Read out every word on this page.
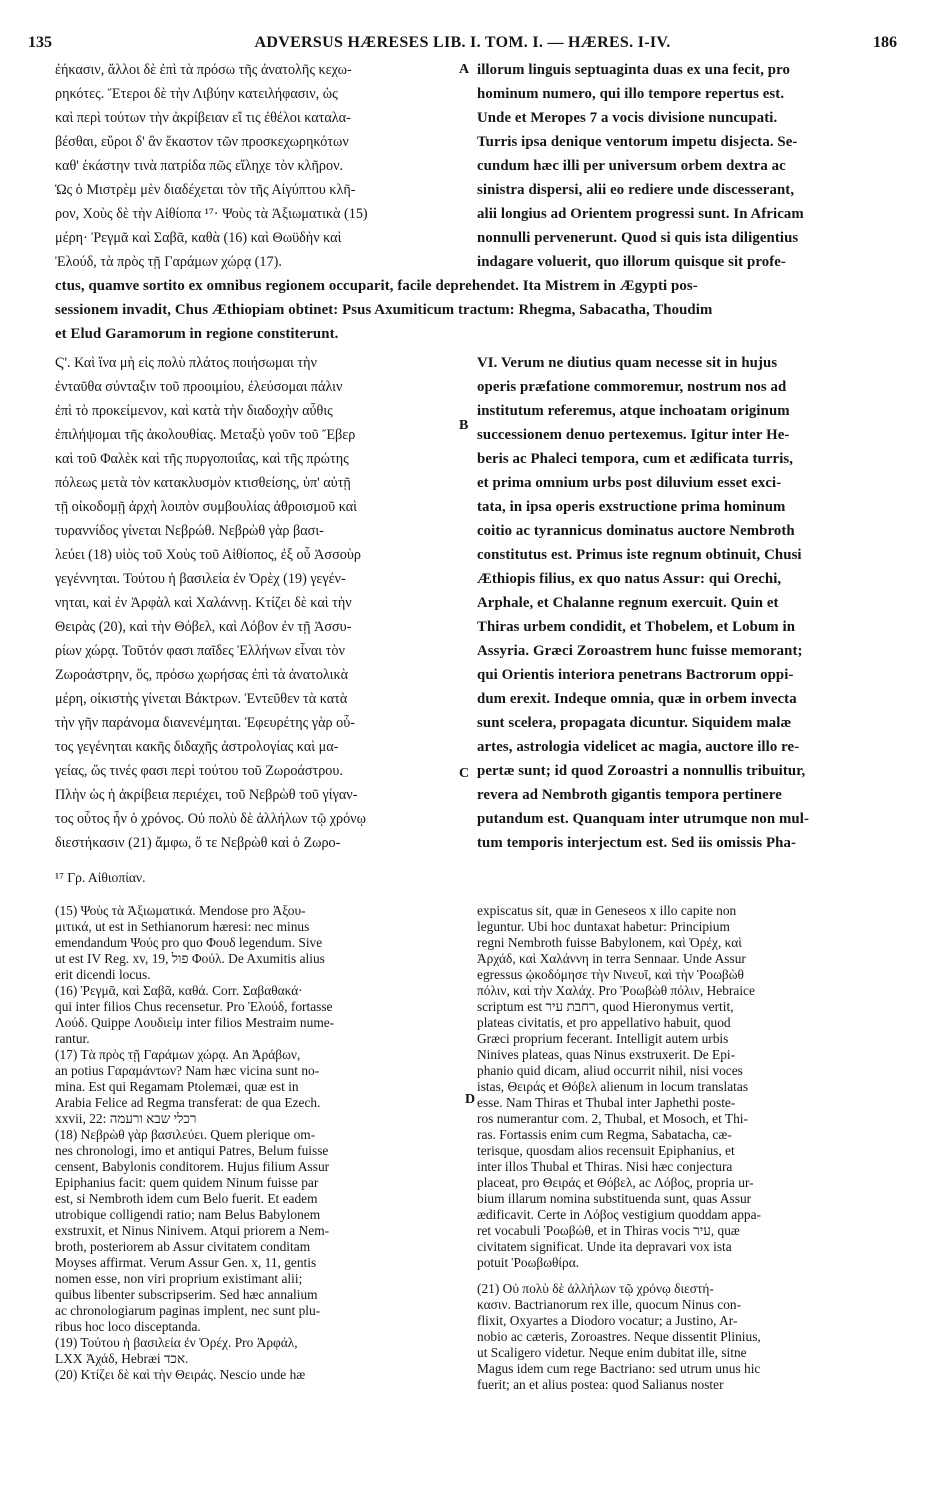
135	ADVERSUS HÆRESES LIB. I. TOM. I. — HÆRES. I-IV.	186
ἐήκασιν, ἄλλοι δὲ ἐπὶ τὰ πρόσω τῆς ἀνατολῆς κεχω-
ρηκότες. Ἕτεροι δὲ τὴν Λιβύην κατειλήφασιν, ὡς
καὶ περὶ τούτων τὴν ἀκρίβειαν εἴ τις ἐθέλοι καταλα-
βέσθαι, εὕροι δ' ἂν ἕκαστον τῶν προσκεχωρηκότων
καθ' ἑκάστην τινὰ πατρίδα πῶς εἴληχε τὸν κλῆρον.
Ὡς ὁ Μιστρὲμ μὲν διαδέχεται τὸν τῆς Αἰγύπτου κλῆ-
ρον, Χοὺς δὲ τὴν Αἰθίοπα ¹⁷· Ψοὺς τὰ Ἀξιωματικὰ (15)
μέρη· Ῥεγμᾶ καὶ Σαβᾶ, καθὰ (16) καὶ Θωϋδὴν καὶ
Ἐλούδ, τὰ πρὸς τῇ Γαράμων χώρᾳ (17).
A illorum linguis septuaginta duas ex una fecit, pro
hominum numero, qui illo tempore repertus est.
Unde et Meropes 7 a vocis divisione nuncupati.
Turris ipsa denique ventorum impetu disjecta. Se-
cundum hæc illi per universum orbem dextra ac
sinistra dispersi, alii eo rediere unde discesserant,
alii longius ad Orientem progressi sunt. In Africam
nonnulli pervenerunt. Quod si quis ista diligentius
indagare voluerit, quo illorum quisque sit profe-
ctus, quamve sortito ex omnibus regionem occuparit, facile deprehendet. Ita Mistrem in Ægypti pos-
sessionem invadit, Chus Æthiopiam obtinet: Psus Axumiticum tractum: Rhegma, Sabacatha, Thoudim
et Elud Garamorum in regione constiterunt.
Ϛ'. Καὶ ἵνα μὴ εἰς πολὺ πλάτος ποιήσωμαι τὴν
ἐνταῦθα σύνταξιν τοῦ προοιμίου, ἐλεύσομαι πάλιν
ἐπὶ τὸ προκείμενον, καὶ κατὰ τὴν διαδοχὴν αὖθις
ἐπιλήψομαι τῆς ἀκολουθίας. Μεταξὺ γοῦν τοῦ Ἔβερ
καὶ τοῦ Φαλὲκ καὶ τῆς πυργοποιΐας, καὶ τῆς πρώτης
πόλεως μετὰ τὸν κατακλυσμὸν κτισθείσης, ὑπ' αὐτῇ
τῇ οἰκοδομῇ ἀρχὴ λοιπὸν συμβουλίας ἀθροισμοῦ καὶ
τυραννίδος γίνεται Νεβρώθ. Νεβρὼθ γὰρ βασι-
λεύει (18) υἱὸς τοῦ Χοὺς τοῦ Αἰθίοπος, ἐξ οὗ Ἀσσοὺρ
γεγέννηται. Τούτου ἡ βασιλεία ἐν Ὀρὲχ (19) γεγέν-
νηται, καὶ ἐν Ἀρφὰλ καὶ Χαλάννῃ. Κτίζει δὲ καὶ τὴν
Θειρὰς (20), καὶ τὴν Θόβελ, καὶ Λόβον ἐν τῇ Ἀσσυ-
ρίων χώρᾳ. Τοῦτόν φασι παῖδες Ἑλλήνων εἶναι τὸν
Ζωροάστρην, ὅς, πρόσω χωρήσας ἐπὶ τὰ ἀνατολικὰ
μέρη, οἰκιστὴς γίνεται Βάκτρων. Ἐντεῦθεν τὰ κατὰ
τὴν γῆν παράνομα διανενέμηται. Ἐφευρέτης γὰρ οὗ-
τος γεγένηται κακῆς διδαχῆς ἀστρολογίας καὶ μα-
γείας, ὥς τινές φασι περὶ τούτου τοῦ Ζωροάστρου.
Πλὴν ὡς ἡ ἀκρίβεια περιέχει, τοῦ Νεβρὼθ τοῦ γίγαν-
τος οὗτος ἦν ὁ χρόνος. Οὐ πολὺ δὲ ἀλλήλων τῷ χρόνῳ
διεστήκασιν (21) ἄμφω, ὅ τε Νεβρὼθ καὶ ὁ Ζωρο-
B
C
VI. Verum ne diutius quam necesse sit in hujus
operis præfatione commoremur, nostrum nos ad
institutum referemus, atque inchoatam originum
successionem denuo pertexemus. Igitur inter He-
beris ac Phaleci tempora, cum et ædificata turris,
et prima omnium urbs post diluvium esset exci-
tata, in ipsa operis exstructione prima hominum
coitio ac tyrannicus dominatus auctore Nembroth
constitutus est. Primus iste regnum obtinuit, Chusi
Æthiopis filius, ex quo natus Assur: qui Orechi,
Arphale, et Chalanne regnum exercuit. Quin et
Thiras urbem condidit, et Thobelem, et Lobum in
Assyria. Græci Zoroastrem hunc fuisse memorant;
qui Orientis interiora penetrans Bactrorum oppi-
dum erexit. Indeque omnia, quæ in orbem invecta
sunt scelera, propagata dicuntur. Siquidem malæ
artes, astrologia videlicet ac magia, auctore illo re-
pertæ sunt; id quod Zoroastri a nonnullis tribuitur,
revera ad Nembroth gigantis tempora pertinere
putandum est. Quanquam inter utrumque non mul-
tum temporis interjectum est. Sed iis omissis Pha-
¹⁷ Γρ. Αἰθιοπίαν.
(15) Ψοὺς τὰ Ἀξιωματικά. Mendose pro Ἀξου-
μιτικά, ut est in Sethianorum hæresi: nec minus
emendandum Ψούς pro quo Φουδ legendum. Sive
ut est IV Reg. xv, 19, פול Φούλ. De Axumitis alius
erit dicendi locus.
(16) Ῥεγμᾶ, καὶ Σαβᾶ, καθά. Corr. Σαβαθακά·
qui inter filios Chus recensetur. Pro Ἐλούδ, fortasse
Λούδ. Quippe Λουδιεὶμ inter filios Mestraim nume-
rantur.
(17) Τὰ πρὸς τῇ Γαράμων χώρᾳ. An Ἀράβων,
an potius Γαραμάντων? Nam hæc vicina sunt no-
mina. Est qui Regamam Ptolemæi, quæ est in
Arabia Felice ad Regma transferat: de qua Ezech.
xxvii, 22: רכלי שבא ורעמה
(18) Νεβρὼθ γὰρ βασιλεύει. Quem plerique om-
nes chronologi, imo et antiqui Patres, Belum fuisse
censent, Babylonis conditorem. Hujus filium Assur
Epiphanius facit: quem quidem Ninum fuisse par
est, si Nembroth idem cum Belo fuerit. Et eadem
utrobique colligendi ratio; nam Belus Babylonem
exstruxit, et Ninus Ninivem. Atqui priorem a Nem-
broth, posteriorem ab Assur civitatem conditam
Moyses affirmat. Verum Assur Gen. x, 11, gentis
nomen esse, non viri proprium existimant alii;
quibus libenter subscripserim. Sed hæc annalium
ac chronologiarum paginas implent, nec sunt plu-
ribus hoc loco disceptanda.
(19) Τούτου ἡ βασιλεία ἐν Ὀρέχ. Pro Ἀρφάλ,
LXX Ἀχάδ, Hebræi אכד.
(20) Κτίζει δὲ καὶ τὴν Θειράς. Nescio unde hæ
D
expiscatus sit, quæ in Geneseos x illo capite non
leguntur. Ubi hoc duntaxat habetur: Principium
regni Nembroth fuisse Babylonem, καὶ Ὀρέχ, καὶ
Ἀρχάδ, καὶ Χαλάννη in terra Sennaar. Unde Assur
egressus ᾠκοδόμησε τὴν Νινευῖ, καὶ τὴν Ῥοωβὼθ
πόλιν, καὶ τὴν Χαλάχ. Pro Ῥοωβὼθ πόλιν, Hebraice
scriptum est רחבת עיר, quod Hieronymus vertit,
plateas civitatis, et pro appellativo habuit, quod
Græci proprium fecerant. Intelligit autem urbis
Ninives plateas, quas Ninus exstruxerit. De Epi-
phanio quid dicam, aliud occurrit nihil, nisi voces
istas, Θειράς et Θόβελ alienum in locum translatas
esse. Nam Thiras et Thubal inter Japhethi poste-
ros numerantur com. 2, Thubal, et Mosoch, et Thi-
ras. Fortassis enim cum Regma, Sabatacha, cæ-
terisque, quosdam alios recensuit Epiphanius, et
inter illos Thubal et Thiras. Nisi hæc conjectura
placeat, pro Θειράς et Θόβελ, ac Λόβος, propria ur-
bium illarum nomina substituenda sunt, quas Assur
ædificavit. Certe in Λόβος vestigium quoddam appa-
ret vocabuli Ῥοωβώθ, et in Thiras vocis עיר, quæ
civitatem significat. Unde ita depravari vox ista
potuit Ῥοωβωθίρα.
(21) Οὐ πολὺ δὲ ἀλλήλων τῷ χρόνῳ διεστή-
κασιν. Bactrianorum rex ille, quocum Ninus con-
flixit, Oxyartes a Diodoro vocatur; a Justino, Ar-
nobio ac cæteris, Zoroastres. Neque dissentit Plinius,
ut Scaligero videtur. Neque enim dubitat ille, sitne
Magus idem cum rege Bactriano: sed utrum unus hic
fuerit; an et alius postea: quod Salianus noster
